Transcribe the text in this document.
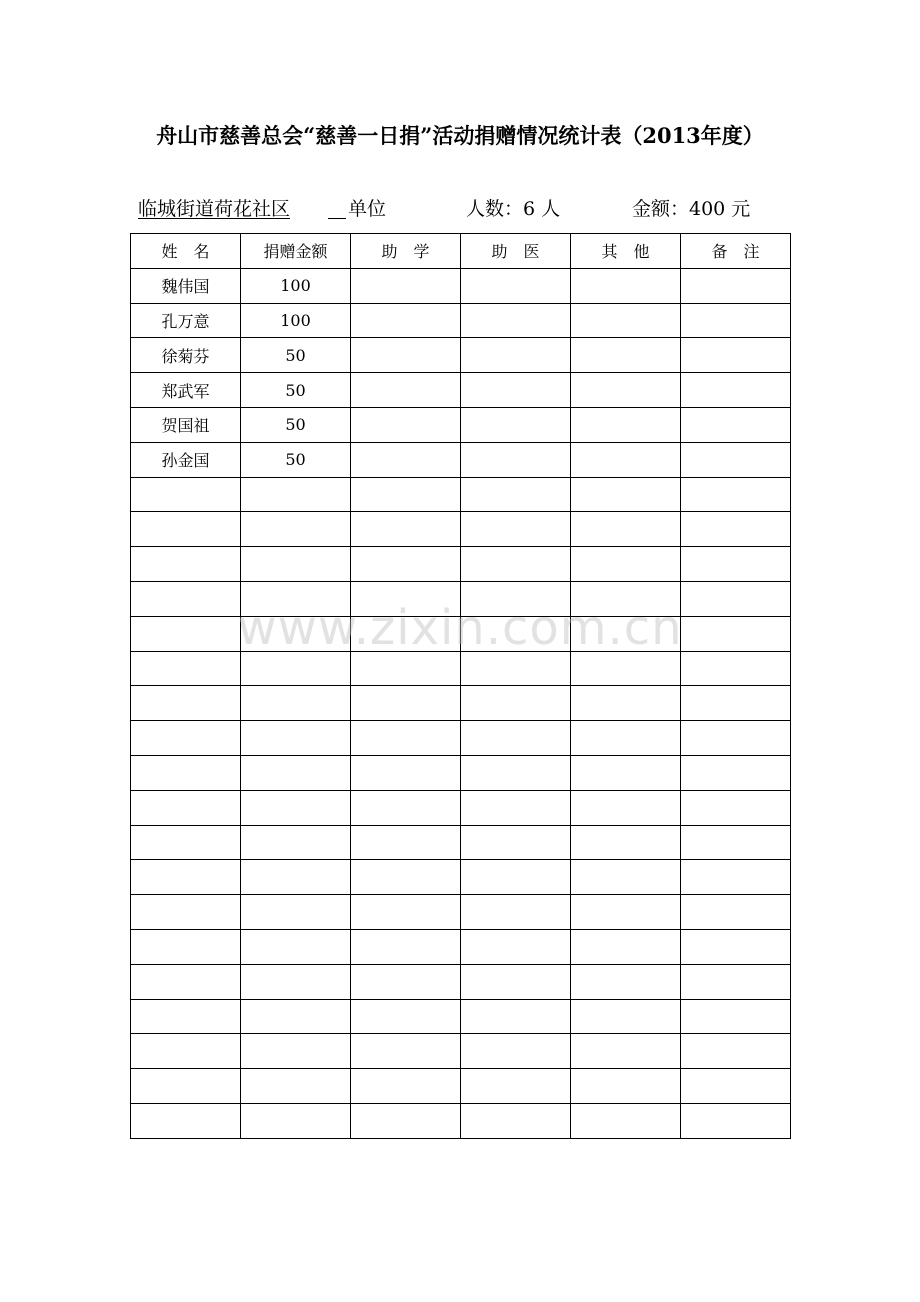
舟山市慈善总会“慈善一日捐”活动捐赠情况统计表（2013年度）
临城街道荷花社区	单位	人数：6 人	金额：400 元
姓　名	捐赠金额	助　学	助　医	其　他	备　注
魏伟国	100				
孔万意	100				
徐菊芬	50				
郑武军	50				
贺国祖	50				
孙金国	50				

www.zixin.com.cn
